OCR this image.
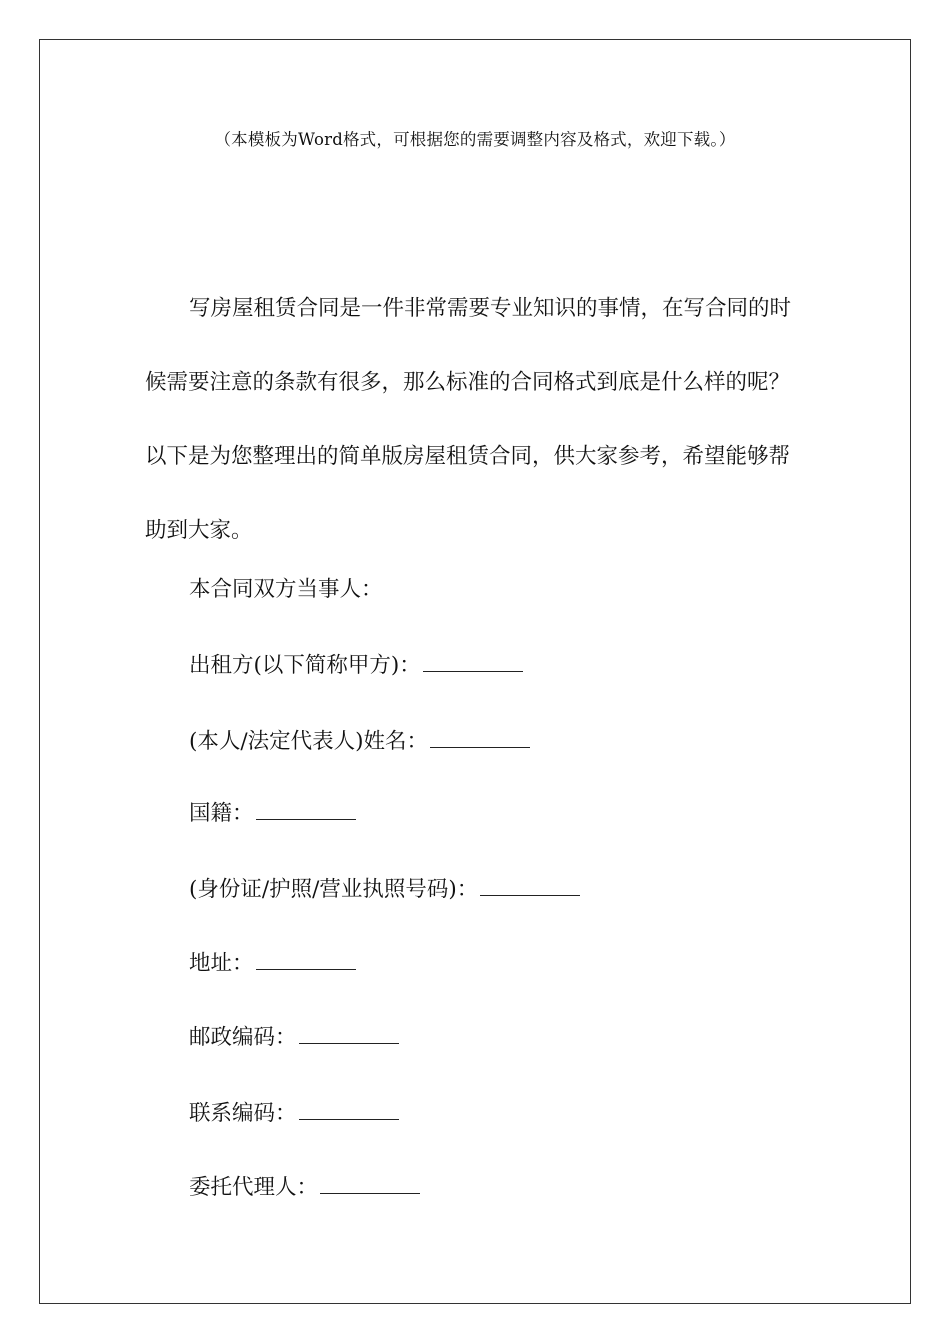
（本模板为Word格式，可根据您的需要调整内容及格式，欢迎下载。）

写房屋租赁合同是一件非常需要专业知识的事情，在写合同的时候需要注意的条款有很多，那么标准的合同格式到底是什么样的呢？以下是为您整理出的简单版房屋租赁合同，供大家参考，希望能够帮助到大家。

本合同双方当事人：

出租方(以下简称甲方)：

(本人/法定代表人)姓名：

国籍：

(身份证/护照/营业执照号码)：

地址：

邮政编码：

联系编码：

委托代理人：
